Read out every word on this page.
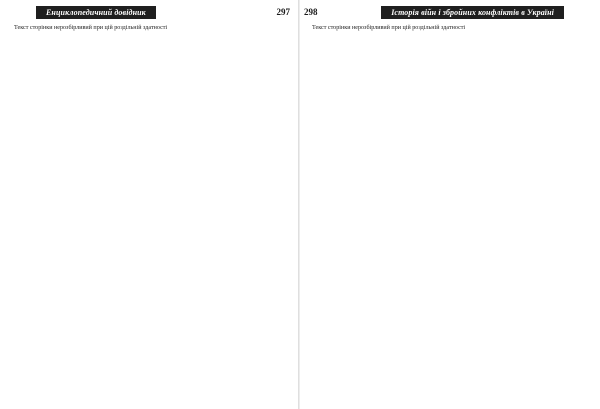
Енциклопедичний довідник	297

Текст сторінки нерозбірливий при цій роздільній здатності

298	Історія війн і збройних конфліктів в Україні

Текст сторінки нерозбірливий при цій роздільній здатності
